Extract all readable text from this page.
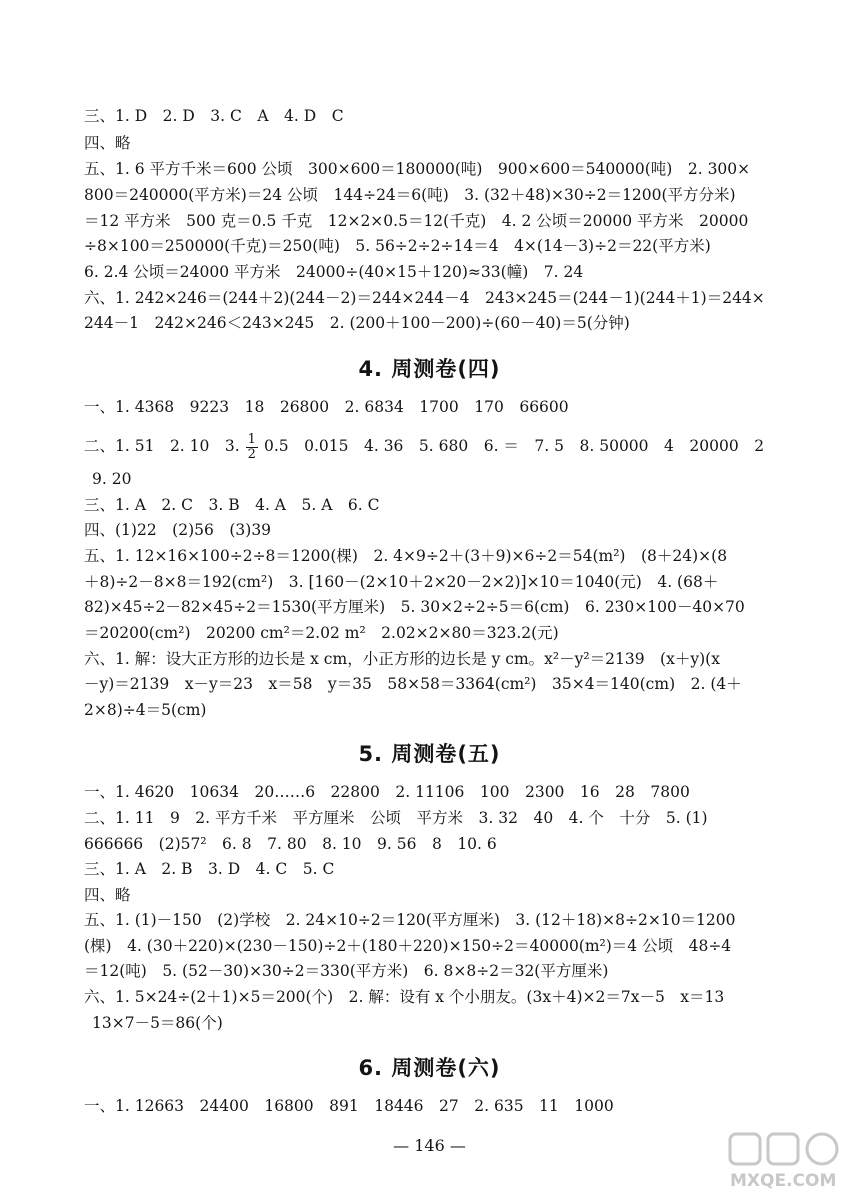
三、1. D　2. D　3. C　A　4. D　C
四、略
五、1. 6 平方千米＝600 公顷　300×600＝180000(吨)　900×600＝540000(吨)　2. 300×
800＝240000(平方米)＝24 公顷　144÷24＝6(吨)　3. (32＋48)×30÷2＝1200(平方分米)
＝12 平方米　500 克＝0.5 千克　12×2×0.5＝12(千克)　4. 2 公顷＝20000 平方米　20000
÷8×100＝250000(千克)＝250(吨)　5. 56÷2÷2÷14＝4　4×(14－3)÷2＝22(平方米)
6. 2.4 公顷＝24000 平方米　24000÷(40×15＋120)≈33(幢)　7. 24
六、1. 242×246＝(244＋2)(244－2)＝244×244－4　243×245＝(244－1)(244＋1)＝244×
244－1　242×246＜243×245　2. (200＋100－200)÷(60－40)＝5(分钟)
4. 周测卷(四)
一、1. 4368　9223　18　26800　2. 6834　1700　170　66600
二、1. 51　2. 10　3. $\frac{1}{2} 0.5$　0.015　4. 36　5. 680　6. ＝　7. 5　8. 50000　4　20000　2
9. 20
三、1. A　2. C　3. B　4. A　5. A　6. C
四、(1)22　(2)56　(3)39
五、1. 12×16×100÷2÷8＝1200(棵)　2. 4×9÷2＋(3＋9)×6÷2＝54(m²)　(8＋24)×(8
＋8)÷2－8×8＝192(cm²)　3. [160－(2×10＋2×20－2×2)]×10＝1040(元)　4. (68＋
82)×45÷2－82×45÷2＝1530(平方厘米)　5. 30×2÷2÷5＝6(cm)　6. 230×100－40×70
＝20200(cm²)　20200 cm²＝2.02 m²　2.02×2×80＝323.2(元)
六、1. 解：设大正方形的边长是 x cm，小正方形的边长是 y cm。x²－y²＝2139　(x＋y)(x
－y)＝2139　x－y＝23　x＝58　y＝35　58×58＝3364(cm²)　35×4＝140(cm)　2. (4＋
2×8)÷4＝5(cm)
5. 周测卷(五)
一、1. 4620　10634　20……6　22800　2. 11106　100　2300　16　28　7800
二、1. 11　9　2. 平方千米　平方厘米　公顷　平方米　3. 32　40　4. 个　十分　5. (1)
666666　(2)57²　6. 8　7. 80　8. 10　9. 56　8　10. 6
三、1. A　2. B　3. D　4. C　5. C
四、略
五、1. (1)－150　(2)学校　2. 24×10÷2＝120(平方厘米)　3. (12＋18)×8÷2×10＝1200
(棵)　4. (30＋220)×(230－150)÷2＋(180＋220)×150÷2＝40000(m²)＝4 公顷　48÷4
＝12(吨)　5. (52－30)×30÷2＝330(平方米)　6. 8×8÷2＝32(平方厘米)
六、1. 5×24÷(2＋1)×5＝200(个)　2. 解：设有 x 个小朋友。(3x＋4)×2＝7x－5　x＝13
13×7－5＝86(个)
6. 周测卷(六)
一、1. 12663　24400　16800　891　18446　27　2. 635　11　1000
— 146 —
MXQE.COM
